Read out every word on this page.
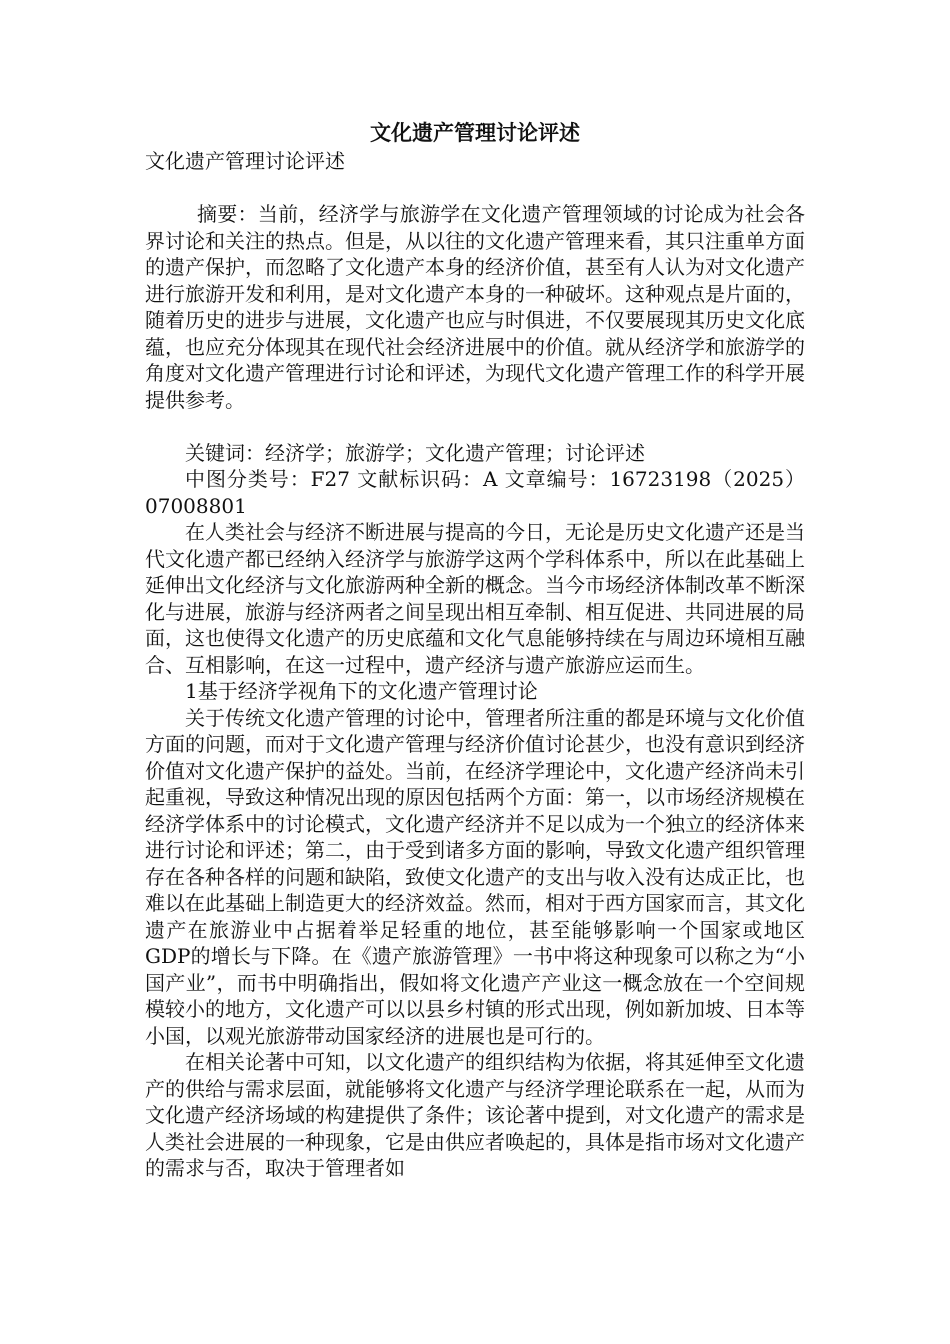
文化遗产管理讨论评述

文化遗产管理讨论评述

摘要：当前，经济学与旅游学在文化遗产管理领域的讨论成为社会各界讨论和关注的热点。但是，从以往的文化遗产管理来看，其只注重单方面的遗产保护，而忽略了文化遗产本身的经济价值，甚至有人认为对文化遗产进行旅游开发和利用，是对文化遗产本身的一种破坏。这种观点是片面的，随着历史的进步与进展，文化遗产也应与时俱进，不仅要展现其历史文化底蕴，也应充分体现其在现代社会经济进展中的价值。就从经济学和旅游学的角度对文化遗产管理进行讨论和评述，为现代文化遗产管理工作的科学开展提供参考。

关键词：经济学；旅游学；文化遗产管理；讨论评述

中图分类号：F27 文献标识码：A 文章编号：16723198（2025）07008801

在人类社会与经济不断进展与提高的今日，无论是历史文化遗产还是当代文化遗产都已经纳入经济学与旅游学这两个学科体系中，所以在此基础上延伸出文化经济与文化旅游两种全新的概念。当今市场经济体制改革不断深化与进展，旅游与经济两者之间呈现出相互牵制、相互促进、共同进展的局面，这也使得文化遗产的历史底蕴和文化气息能够持续在与周边环境相互融合、互相影响，在这一过程中，遗产经济与遗产旅游应运而生。

1基于经济学视角下的文化遗产管理讨论

关于传统文化遗产管理的讨论中，管理者所注重的都是环境与文化价值方面的问题，而对于文化遗产管理与经济价值讨论甚少，也没有意识到经济价值对文化遗产保护的益处。当前，在经济学理论中，文化遗产经济尚未引起重视，导致这种情况出现的原因包括两个方面：第一，以市场经济规模在经济学体系中的讨论模式，文化遗产经济并不足以成为一个独立的经济体来进行讨论和评述；第二，由于受到诸多方面的影响，导致文化遗产组织管理存在各种各样的问题和缺陷，致使文化遗产的支出与收入没有达成正比，也难以在此基础上制造更大的经济效益。然而，相对于西方国家而言，其文化遗产在旅游业中占据着举足轻重的地位，甚至能够影响一个国家或地区GDP的增长与下降。在《遗产旅游管理》一书中将这种现象可以称之为“小国产业”，而书中明确指出，假如将文化遗产产业这一概念放在一个空间规模较小的地方，文化遗产可以以县乡村镇的形式出现，例如新加坡、日本等小国，以观光旅游带动国家经济的进展也是可行的。

在相关论著中可知，以文化遗产的组织结构为依据，将其延伸至文化遗产的供给与需求层面，就能够将文化遗产与经济学理论联系在一起，从而为文化遗产经济场域的构建提供了条件；该论著中提到，对文化遗产的需求是人类社会进展的一种现象，它是由供应者唤起的，具体是指市场对文化遗产的需求与否，取决于管理者如
